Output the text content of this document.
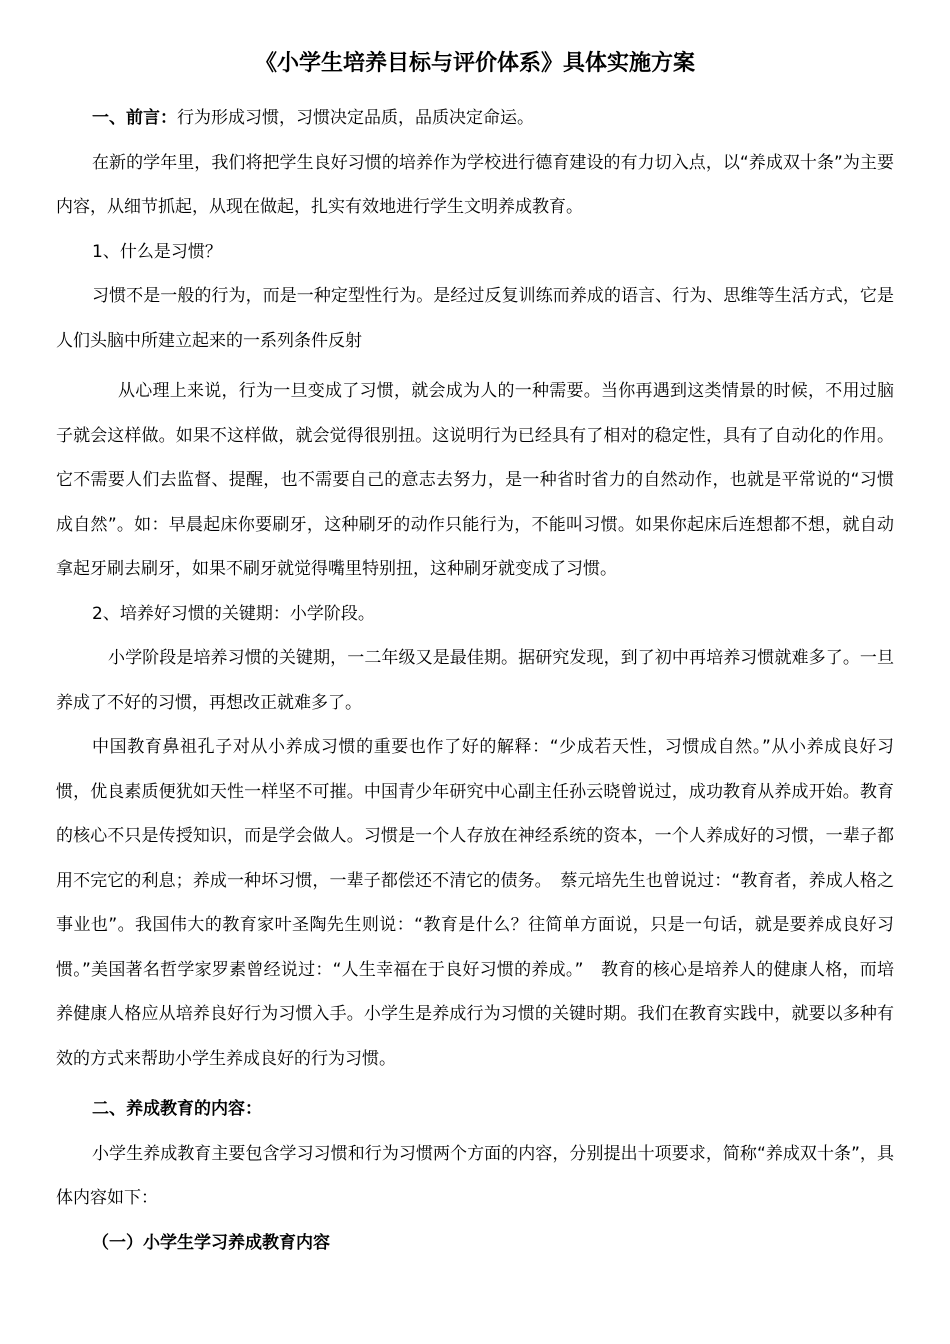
《小学生培养目标与评价体系》具体实施方案

一、前言：行为形成习惯，习惯决定品质，品质决定命运。

在新的学年里，我们将把学生良好习惯的培养作为学校进行德育建设的有力切入点，以“养成双十条”为主要内容，从细节抓起，从现在做起，扎实有效地进行学生文明养成教育。

1、什么是习惯？

习惯不是一般的行为，而是一种定型性行为。是经过反复训练而养成的语言、行为、思维等生活方式，它是人们头脑中所建立起来的一系列条件反射

从心理上来说，行为一旦变成了习惯，就会成为人的一种需要。当你再遇到这类情景的时候，不用过脑子就会这样做。如果不这样做，就会觉得很别扭。这说明行为已经具有了相对的稳定性，具有了自动化的作用。它不需要人们去监督、提醒，也不需要自己的意志去努力，是一种省时省力的自然动作，也就是平常说的“习惯成自然”。如：早晨起床你要刷牙，这种刷牙的动作只能行为，不能叫习惯。如果你起床后连想都不想，就自动拿起牙刷去刷牙，如果不刷牙就觉得嘴里特别扭，这种刷牙就变成了习惯。

2、培养好习惯的关键期：小学阶段。

小学阶段是培养习惯的关键期，一二年级又是最佳期。据研究发现，到了初中再培养习惯就难多了。一旦养成了不好的习惯，再想改正就难多了。

中国教育鼻祖孔子对从小养成习惯的重要也作了好的解释：“少成若天性，习惯成自然。”从小养成良好习惯，优良素质便犹如天性一样坚不可摧。中国青少年研究中心副主任孙云晓曾说过，成功教育从养成开始。教育的核心不只是传授知识，而是学会做人。习惯是一个人存放在神经系统的资本，一个人养成好的习惯，一辈子都用不完它的利息；养成一种坏习惯，一辈子都偿还不清它的债务。　蔡元培先生也曾说过：“教育者，养成人格之事业也”。我国伟大的教育家叶圣陶先生则说：“教育是什么？往简单方面说，只是一句话，就是要养成良好习惯。”美国著名哲学家罗素曾经说过：“人生幸福在于良好习惯的养成。”　教育的核心是培养人的健康人格，而培养健康人格应从培养良好行为习惯入手。小学生是养成行为习惯的关键时期。我们在教育实践中，就要以多种有效的方式来帮助小学生养成良好的行为习惯。

二、养成教育的内容：

小学生养成教育主要包含学习习惯和行为习惯两个方面的内容，分别提出十项要求，简称“养成双十条”，具体内容如下：

（一）小学生学习养成教育内容
